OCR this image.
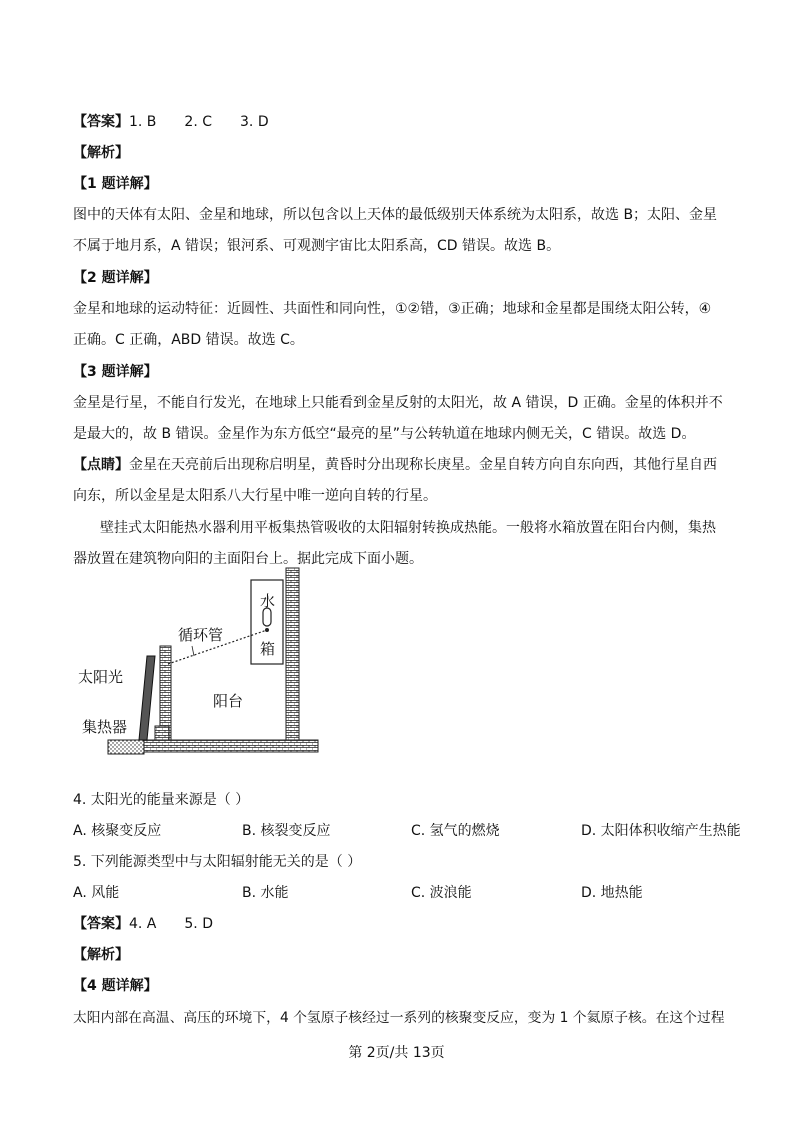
【答案】1. B 2. C 3. D
【解析】
【1 题详解】
图中的天体有太阳、金星和地球，所以包含以上天体的最低级别天体系统为太阳系，故选 B；太阳、金星
不属于地月系，A 错误；银河系、可观测宇宙比太阳系高，CD 错误。故选 B。
【2 题详解】
金星和地球的运动特征：近圆性、共面性和同向性，①②错，③正确；地球和金星都是围绕太阳公转，④
正确。C 正确，ABD 错误。故选 C。
【3 题详解】
金星是行星，不能自行发光，在地球上只能看到金星反射的太阳光，故 A 错误，D 正确。金星的体积并不
是最大的，故 B 错误。金星作为东方低空“最亮的星”与公转轨道在地球内侧无关，C 错误。故选 D。
【点睛】金星在天亮前后出现称启明星，黄昏时分出现称长庚星。金星自转方向自东向西，其他行星自西
向东，所以金星是太阳系八大行星中唯一逆向自转的行星。
壁挂式太阳能热水器利用平板集热管吸收的太阳辐射转换成热能。一般将水箱放置在阳台内侧，集热
器放置在建筑物向阳的主面阳台上。据此完成下面小题。
水
箱
循环管
太阳光
阳台
集热器
4. 太阳光的能量来源是（ ）
A. 核聚变反应	B. 核裂变反应	C. 氢气的燃烧	D. 太阳体积收缩产生热能
5. 下列能源类型中与太阳辐射能无关的是（ ）
A. 风能	B. 水能	C. 波浪能	D. 地热能
【答案】4. A 5. D
【解析】
【4 题详解】
太阳内部在高温、高压的环境下，4 个氢原子核经过一系列的核聚变反应，变为 1 个氦原子核。在这个过程
第 2页/共 13页
